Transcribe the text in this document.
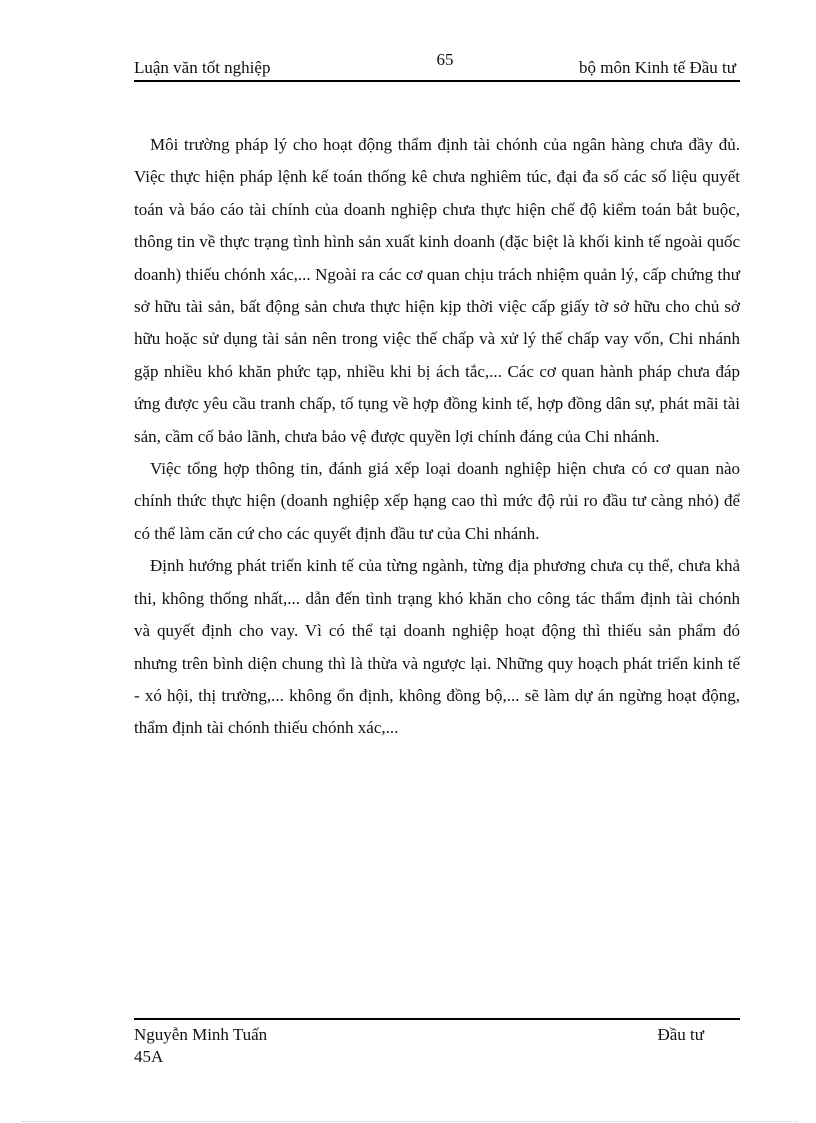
65
Luận văn tốt nghiệp	bộ môn Kinh tế Đầu tư

Môi trường pháp lý cho hoạt động thẩm định tài chónh của ngân hàng chưa đầy đủ. Việc thực hiện pháp lệnh kế toán thống kê chưa nghiêm túc, đại đa số các số liệu quyết toán và báo cáo tài chính của doanh nghiệp chưa thực hiện chế độ kiểm toán bắt buộc, thông tin về thực trạng tình hình sản xuất kinh doanh (đặc biệt là khối kinh tế ngoài quốc doanh) thiếu chónh xác,... Ngoài ra các cơ quan chịu trách nhiệm quản lý, cấp chứng thư sở hữu tài sản, bất động sản chưa thực hiện kịp thời việc cấp giấy tờ sở hữu cho chủ sở hữu hoặc sử dụng tài sản nên trong việc thế chấp và xử lý thế chấp vay vốn, Chi nhánh gặp nhiều khó khăn phức tạp, nhiều khi bị ách tắc,... Các cơ quan hành pháp chưa đáp ứng được yêu cầu tranh chấp, tố tụng về hợp đồng kinh tế, hợp đồng dân sự, phát mãi tài sản, cầm cố bảo lãnh, chưa bảo vệ được quyền lợi chính đáng của Chi nhánh.

Việc tổng hợp thông tin, đánh giá xếp loại doanh nghiệp hiện chưa có cơ quan nào chính thức thực hiện (doanh nghiệp xếp hạng cao thì mức độ rủi ro đầu tư càng nhỏ) để có thể làm căn cứ cho các quyết định đầu tư của Chi nhánh.

Định hướng phát triển kinh tế của từng ngành, từng địa phương chưa cụ thể, chưa khả thi, không thống nhất,... dẫn đến tình trạng khó khăn cho công tác thẩm định tài chónh và quyết định cho vay. Vì có thể tại doanh nghiệp hoạt động thì thiếu sản phẩm đó nhưng trên bình diện chung thì là thừa và ngược lại. Những quy hoạch phát triển kinh tế - xó hội, thị trường,... không ổn định, không đồng bộ,... sẽ làm dự án ngừng hoạt động, thẩm định tài chónh thiếu chónh xác,...

Nguyễn Minh Tuấn
45A
Đầu tư
